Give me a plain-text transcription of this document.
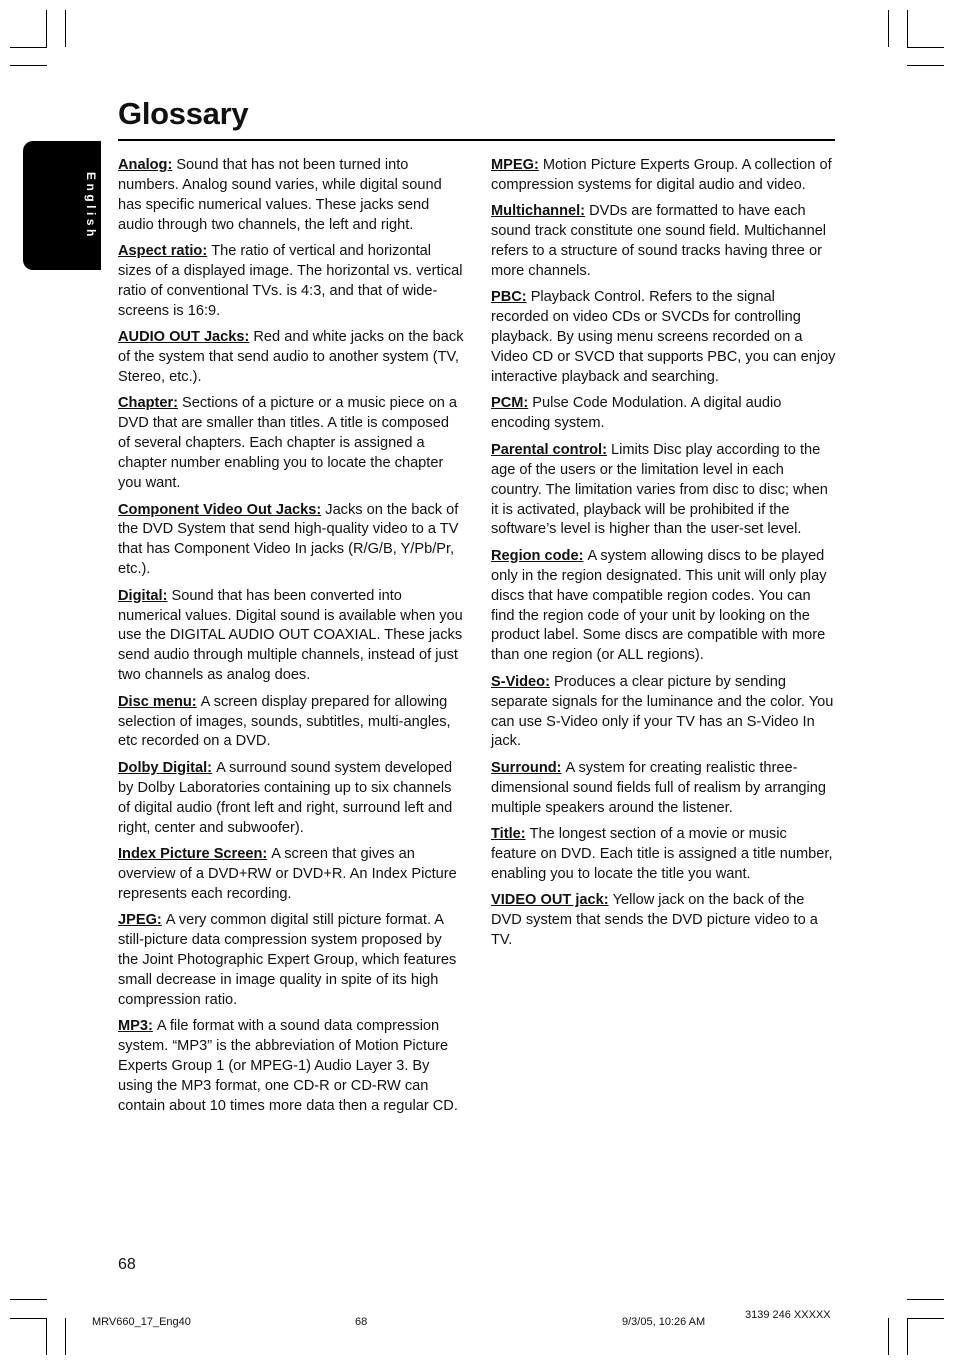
Glossary
English

Analog: Sound that has not been turned into numbers. Analog sound varies, while digital sound has specific numerical values. These jacks send audio through two channels, the left and right.

Aspect ratio: The ratio of vertical and horizontal sizes of a displayed image. The horizontal vs. vertical ratio of conventional TVs. is 4:3, and that of wide-screens is 16:9.

AUDIO OUT Jacks: Red and white jacks on the back of the system that send audio to another system (TV, Stereo, etc.).

Chapter: Sections of a picture or a music piece on a DVD that are smaller than titles. A title is composed of several chapters. Each chapter is assigned a chapter number enabling you to locate the chapter you want.

Component Video Out Jacks: Jacks on the back of the DVD System that send high-quality video to a TV that has Component Video In jacks (R/G/B, Y/Pb/Pr, etc.).

Digital: Sound that has been converted into numerical values. Digital sound is available when you use the DIGITAL AUDIO OUT COAXIAL. These jacks send audio through multiple channels, instead of just two channels as analog does.

Disc menu: A screen display prepared for allowing selection of images, sounds, subtitles, multi-angles, etc recorded on a DVD.

Dolby Digital: A surround sound system developed by Dolby Laboratories containing up to six channels of digital audio (front left and right, surround left and right, center and subwoofer).

Index Picture Screen: A screen that gives an overview of a DVD+RW or DVD+R. An Index Picture represents each recording.

JPEG: A very common digital still picture format. A still-picture data compression system proposed by the Joint Photographic Expert Group, which features small decrease in image quality in spite of its high compression ratio.

MP3: A file format with a sound data compression system. “MP3” is the abbreviation of Motion Picture Experts Group 1 (or MPEG-1) Audio Layer 3. By using the MP3 format, one CD-R or CD-RW can contain about 10 times more data then a regular CD.

MPEG: Motion Picture Experts Group. A collection of compression systems for digital audio and video.

Multichannel: DVDs are formatted to have each sound track constitute one sound field. Multichannel refers to a structure of sound tracks having three or more channels.

PBC: Playback Control. Refers to the signal recorded on video CDs or SVCDs for controlling playback. By using menu screens recorded on a Video CD or SVCD that supports PBC, you can enjoy interactive playback and searching.

PCM: Pulse Code Modulation. A digital audio encoding system.

Parental control: Limits Disc play according to the age of the users or the limitation level in each country. The limitation varies from disc to disc; when it is activated, playback will be prohibited if the software’s level is higher than the user-set level.

Region code: A system allowing discs to be played only in the region designated. This unit will only play discs that have compatible region codes. You can find the region code of your unit by looking on the product label. Some discs are compatible with more than one region (or ALL regions).

S-Video: Produces a clear picture by sending separate signals for the luminance and the color. You can use S-Video only if your TV has an S-Video In jack.

Surround: A system for creating realistic three-dimensional sound fields full of realism by arranging multiple speakers around the listener.

Title: The longest section of a movie or music feature on DVD. Each title is assigned a title number, enabling you to locate the title you want.

VIDEO OUT jack: Yellow jack on the back of the DVD system that sends the DVD picture video to a TV.

68
MRV660_17_Eng40	68	9/3/05, 10:26 AM
3139 246 XXXXX
